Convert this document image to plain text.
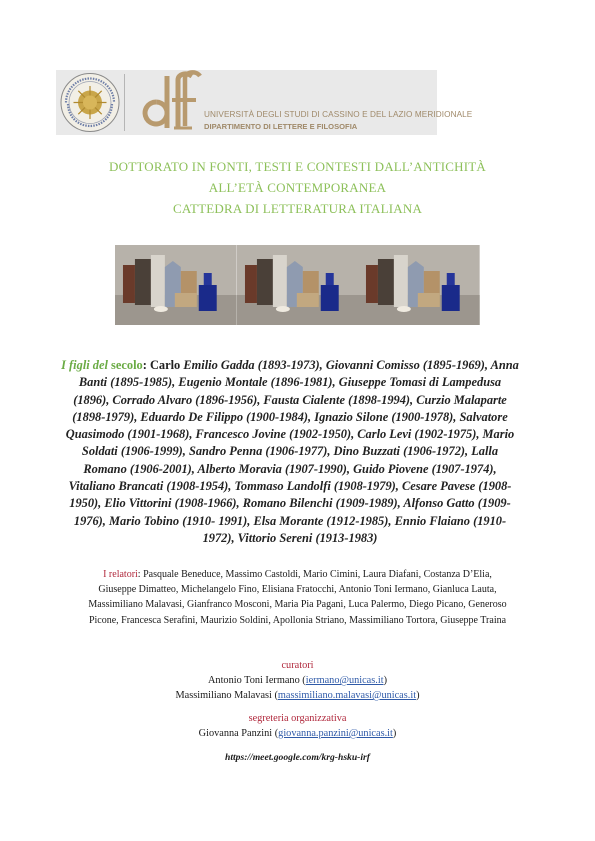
UNIVERSITÀ DEGLI STUDI DI CASSINO E DEL LAZIO MERIDIONALE
DIPARTIMENTO DI LETTERE E FILOSOFIA
DOTTORATO IN FONTI, TESTI E CONTESTI DALL’ANTICHITÀ
ALL’ETÀ CONTEMPORANEA
CATTEDRA DI LETTERATURA ITALIANA
I figli del secolo: Carlo Emilio Gadda (1893-1973), Giovanni Comisso (1895-1969), Anna Banti (1895-1985), Eugenio Montale (1896-1981), Giuseppe Tomasi di Lampedusa (1896), Corrado Alvaro (1896-1956), Fausta Cialente (1898-1994), Curzio Malaparte (1898-1979), Eduardo De Filippo (1900-1984), Ignazio Silone (1900-1978), Salvatore Quasimodo (1901-1968), Francesco Jovine (1902-1950), Carlo Levi (1902-1975), Mario Soldati (1906-1999), Sandro Penna (1906-1977), Dino Buzzati (1906-1972), Lalla Romano (1906-2001), Alberto Moravia (1907-1990), Guido Piovene (1907-1974), Vitaliano Brancati (1908-1954), Tommaso Landolfi (1908-1979), Cesare Pavese (1908-1950), Elio Vittorini (1908-1966), Romano Bilenchi (1909-1989), Alfonso Gatto (1909-1976), Mario Tobino (1910- 1991), Elsa Morante (1912-1985), Ennio Flaiano (1910-1972), Vittorio Sereni (1913-1983)
I relatori: Pasquale Beneduce, Massimo Castoldi, Mario Cimini, Laura Diafani, Costanza D’Elia, Giuseppe Dimatteo, Michelangelo Fino, Elisiana Fratocchi, Antonio Toni Iermano, Gianluca Lauta, Massimiliano Malavasi, Gianfranco Mosconi, Maria Pia Pagani, Luca Palermo, Diego Picano, Generoso Picone, Francesca Serafini, Maurizio Soldini, Apollonia Striano, Massimiliano Tortora, Giuseppe Traina
curatori
Antonio Toni Iermano (iermano@unicas.it)
Massimiliano Malavasi (massimiliano.malavasi@unicas.it)
segreteria organizzativa
Giovanna Panzini (giovanna.panzini@unicas.it)
https://meet.google.com/krg-hsku-irf
